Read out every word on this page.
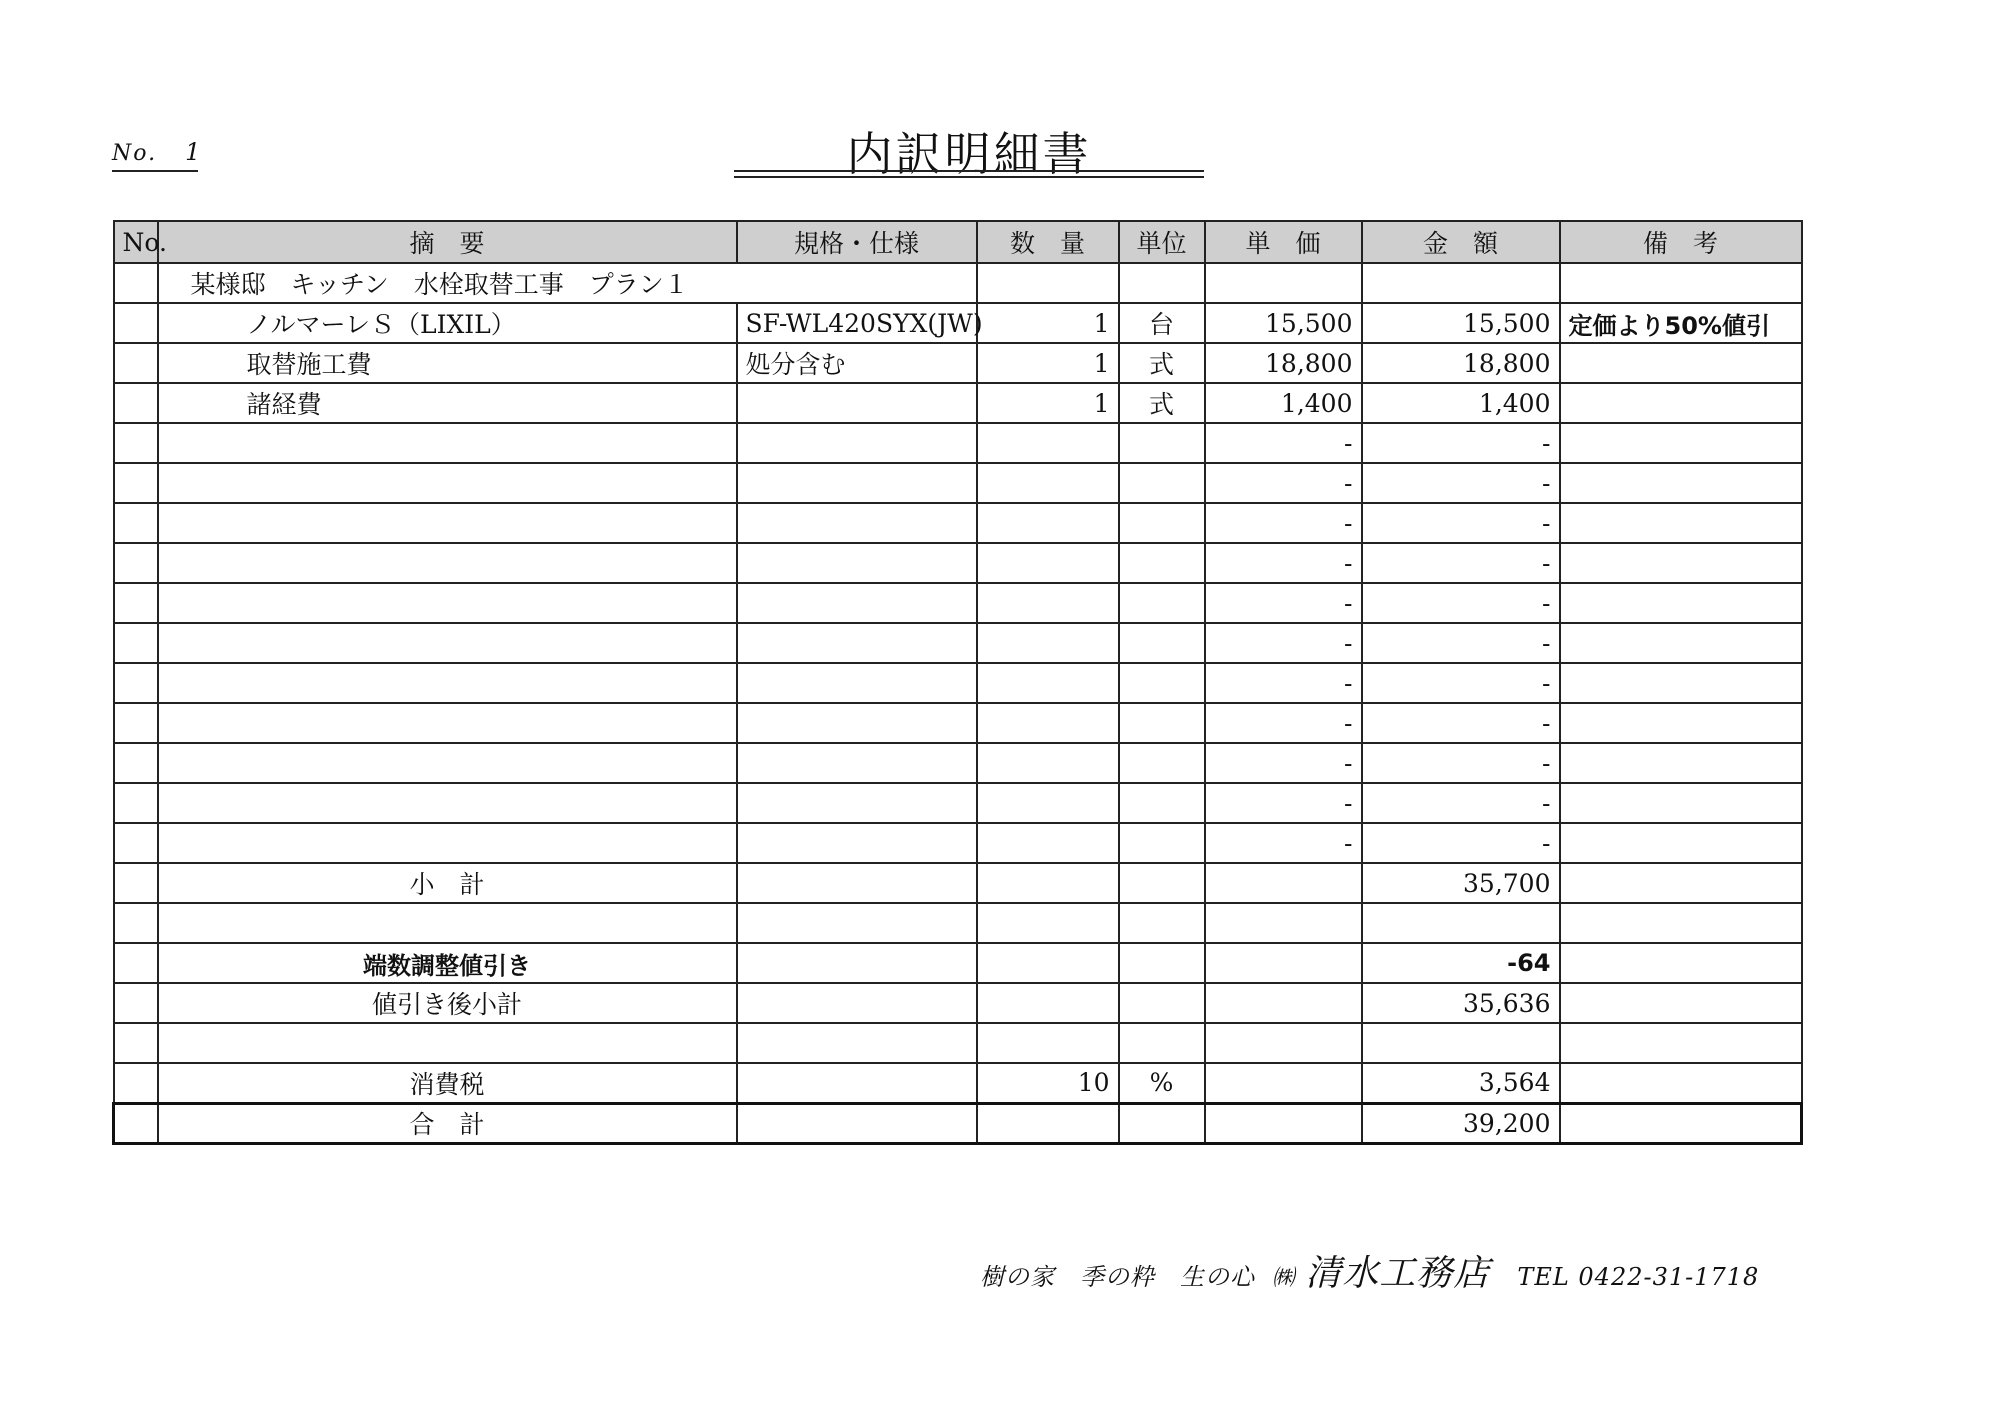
No. 1	内訳明細書
No.	摘　要	規格・仕様	数　量	単位	単　価	金　額	備　考
	某様邸　キッチン　水栓取替工事　プラン１						
	ノルマーレＳ（LIXIL）	SF-WL420SYX(JW)	1	台	15,500	15,500	定価より50%値引
	取替施工費	処分含む	1	式	18,800	18,800	
	諸経費		1	式	1,400	1,400	
					-	-	
					-	-	
					-	-	
					-	-	
					-	-	
					-	-	
					-	-	
					-	-	
					-	-	
					-	-	
					-	-	
	小　計					35,700	

	端数調整値引き					-64	
	値引き後小計					35,636	

	消費税		10	%		3,564	
	合　計					39,200	
樹の家　季の粋　生の心 ㈱ 清水工務店 TEL 0422-31-1718
